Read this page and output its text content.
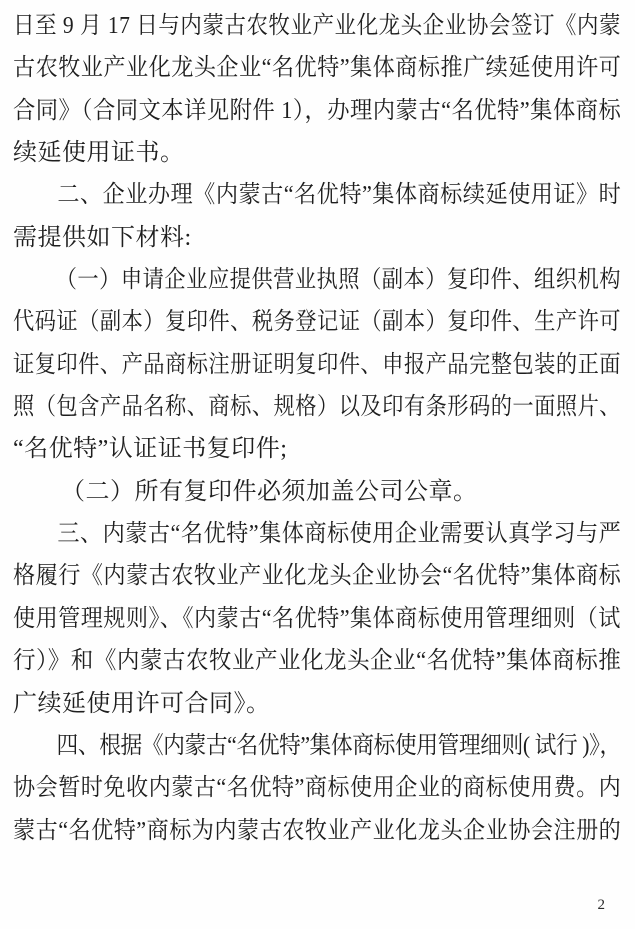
日至 9 月 17 日与内蒙古农牧业产业化龙头企业协会签订《内蒙
古农牧业产业化龙头企业“名优特”集体商标推广续延使用许可
合同》（合同文本详见附件 1），办理内蒙古“名优特”集体商标
续延使用证书。
二、企业办理《内蒙古“名优特”集体商标续延使用证》时
需提供如下材料:
（一）申请企业应提供营业执照（副本）复印件、组织机构
代码证（副本）复印件、税务登记证（副本）复印件、生产许可
证复印件、产品商标注册证明复印件、申报产品完整包装的正面
照（包含产品名称、商标、规格）以及印有条形码的一面照片、
“名优特”认证证书复印件;
（二）所有复印件必须加盖公司公章。
三、内蒙古“名优特”集体商标使用企业需要认真学习与严
格履行《内蒙古农牧业产业化龙头企业协会“名优特”集体商标
使用管理规则》、《内蒙古“名优特”集体商标使用管理细则（试
行）》和《内蒙古农牧业产业化龙头企业“名优特”集体商标推
广续延使用许可合同》。
四、根据《内蒙古“名优特”集体商标使用管理细则( 试行 )》，
协会暂时免收内蒙古“名优特”商标使用企业的商标使用费。内
蒙古“名优特”商标为内蒙古农牧业产业化龙头企业协会注册的
2
